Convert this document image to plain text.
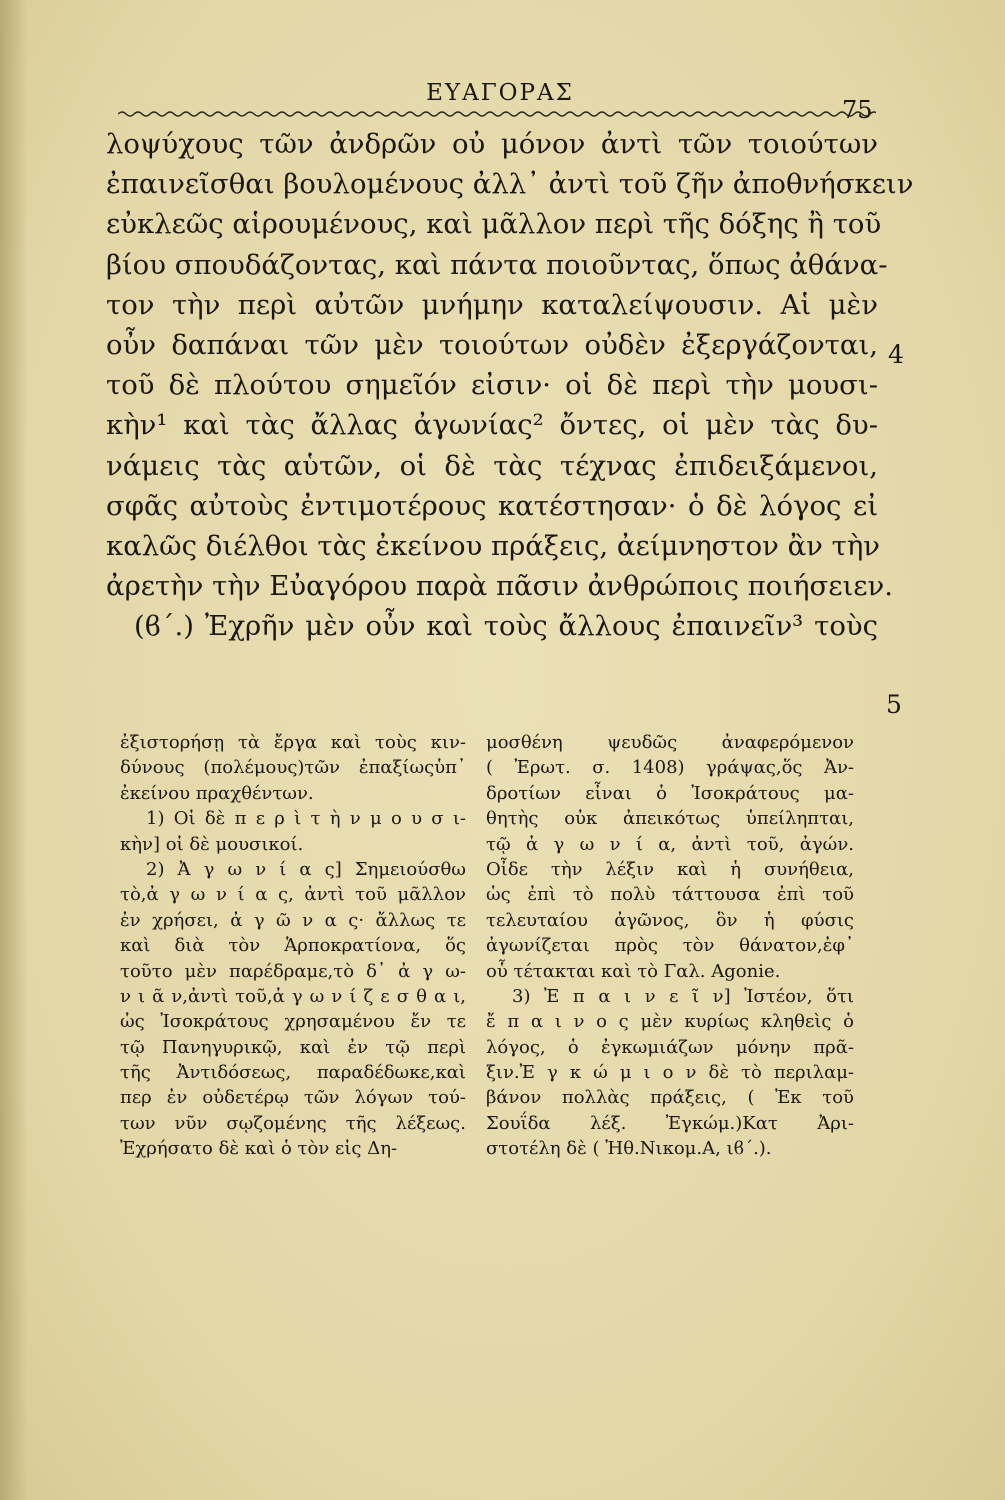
ΕΥΑΓΟΡΑΣ
75
λοψύχους τῶν ἀνδρῶν οὐ μόνον ἀντὶ τῶν τοιούτων
ἐπαινεῖσθαι βουλομένους ἀλλ᾽ ἀντὶ τοῦ ζῆν ἀποθνήσκειν
εὐκλεῶς αἱρουμένους, καὶ μᾶλλον περὶ τῆς δόξης ἢ τοῦ
βίου σπουδάζοντας, καὶ πάντα ποιοῦντας, ὅπως ἀθάνα-
τον τὴν περὶ αὐτῶν μνήμην καταλείψουσιν. Αἱ μὲν
οὖν δαπάναι τῶν μὲν τοιούτων οὐδὲν ἐξεργάζονται,
τοῦ δὲ πλούτου σημεῖόν εἰσιν· οἱ δὲ περὶ τὴν μουσι-
κὴν¹ καὶ τὰς ἄλλας ἀγωνίας² ὄντες, οἱ μὲν τὰς δυ-
νάμεις τὰς αὑτῶν, οἱ δὲ τὰς τέχνας ἐπιδειξάμενοι,
σφᾶς αὐτοὺς ἐντιμοτέρους κατέστησαν· ὁ δὲ λόγος εἰ
καλῶς διέλθοι τὰς ἐκείνου πράξεις, ἀείμνηστον ἂν τὴν
ἀρετὴν τὴν Εὐαγόρου παρὰ πᾶσιν ἀνθρώποις ποιήσειεν.
(ϐ΄.) Ἐχρῆν μὲν οὖν καὶ τοὺς ἄλλους ἐπαινεῖν³ τοὺς
4
5
ἐξιστορήσῃ τὰ ἔργα καὶ τοὺς κιν-
δύνους (πολέμους)τῶν ἐπαξίωςὑπ᾽
ἐκείνου πραχθέντων.
1) Οἱ δὲ π ε ρ ὶ τ ὴ ν μ ο υ σ ι-
κὴν] οἱ δὲ μουσικοί.
2) Ἀ γ ω ν ί α ς] Σημειούσθω
τὸ,ἀ γ ω ν ί α ς, ἀντὶ τοῦ μᾶλλον
ἐν χρήσει, ἀ γ ῶ ν α ς· ἄλλως τε
καὶ διὰ τὸν Ἁρποκρατίονα, ὅς
τοῦτο μὲν παρέδραμε,τὸ δ᾽ ἀ γ ω-
ν ι ᾶ ν,ἀντὶ τοῦ,ἀ γ ω ν ί ζ ε σ θ α ι,
ὡς Ἰσοκράτους χρησαμένου ἔν τε
τῷ Πανηγυρικῷ, καὶ ἐν τῷ περὶ
τῆς Ἀντιδόσεως, παραδέδωκε,καὶ
περ ἐν οὐδετέρῳ τῶν λόγων τού-
των νῦν σῳζομένης τῆς λέξεως.
Ἐχρήσατο δὲ καὶ ὁ τὸν εἰς Δη-
μοσθένη ψευδῶς ἀναφερόμενον
( Ἐρωτ. σ. 1408) γράψας,ὅς Ἀν-
δροτίων εἶναι ὁ Ἰσοκράτους μα-
θητὴς οὐκ ἀπεικότως ὑπείληπται,
τῷ ἀ γ ω ν ί α, ἀντὶ τοῦ, ἀγών.
Οἶδε τὴν λέξιν καὶ ἡ συνήθεια,
ὡς ἐπὶ τὸ πολὺ τάττουσα ἐπὶ τοῦ
τελευταίου ἀγῶνος, ὃν ἡ φύσις
ἀγωνίζεται πρὸς τὸν θάνατον,ἐφ᾽
οὗ τέτακται καὶ τὸ Γαλ. Agonie.
3) Ἐ π α ι ν ε ῖ ν] Ἰστέον, ὅτι
ἔ π α ι ν ο ς μὲν κυρίως κληθεὶς ὁ
λόγος, ὁ ἐγκωμιάζων μόνην πρᾶ-
ξιν.Ἐ γ κ ώ μ ι ο ν δὲ τὸ περιλαμ-
βάνον πολλὰς πράξεις, ( Ἐκ τοῦ
Σουΐδα λέξ. Ἐγκώμ.)Κατ Ἀρι-
στοτέλη δὲ ( Ἠθ.Νικομ.Α, ιϐ΄.).
